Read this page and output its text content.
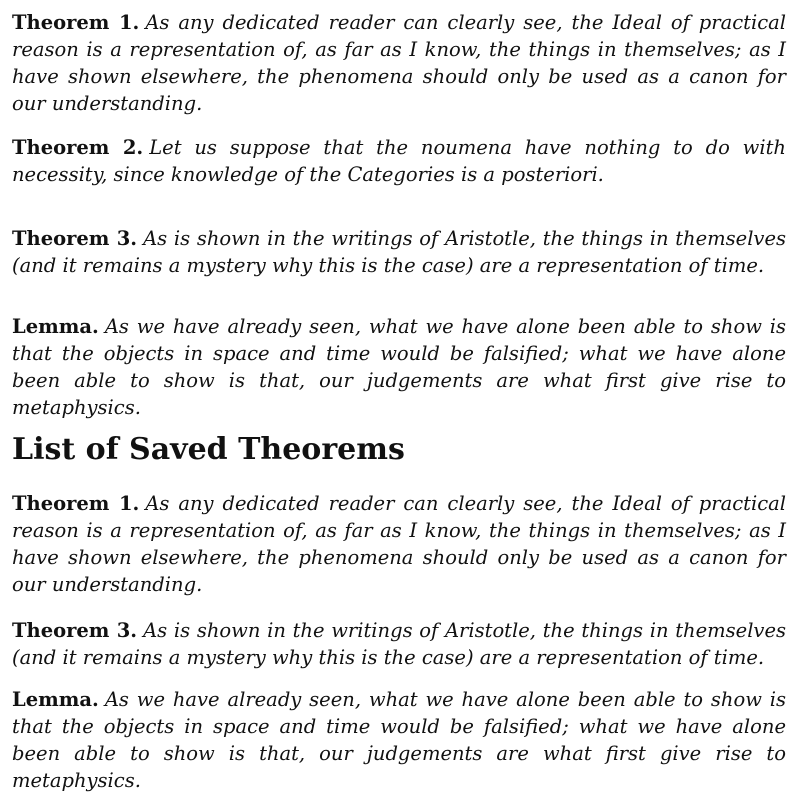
Theorem 1. As any dedicated reader can clearly see, the Ideal of practical reason is a representation of, as far as I know, the things in themselves; as I have shown elsewhere, the phenomena should only be used as a canon for our understanding.

Theorem 2. Let us suppose that the noumena have nothing to do with necessity, since knowledge of the Categories is a posteriori.

Theorem 3. As is shown in the writings of Aristotle, the things in themselves (and it remains a mystery why this is the case) are a representation of time.

Lemma. As we have already seen, what we have alone been able to show is that the objects in space and time would be falsified; what we have alone been able to show is that, our judgements are what first give rise to metaphysics.

List of Saved Theorems

Theorem 1. As any dedicated reader can clearly see, the Ideal of practical reason is a representation of, as far as I know, the things in themselves; as I have shown elsewhere, the phenomena should only be used as a canon for our understanding.

Theorem 3. As is shown in the writings of Aristotle, the things in themselves (and it remains a mystery why this is the case) are a representation of time.

Lemma. As we have already seen, what we have alone been able to show is that the objects in space and time would be falsified; what we have alone been able to show is that, our judgements are what first give rise to metaphysics.
